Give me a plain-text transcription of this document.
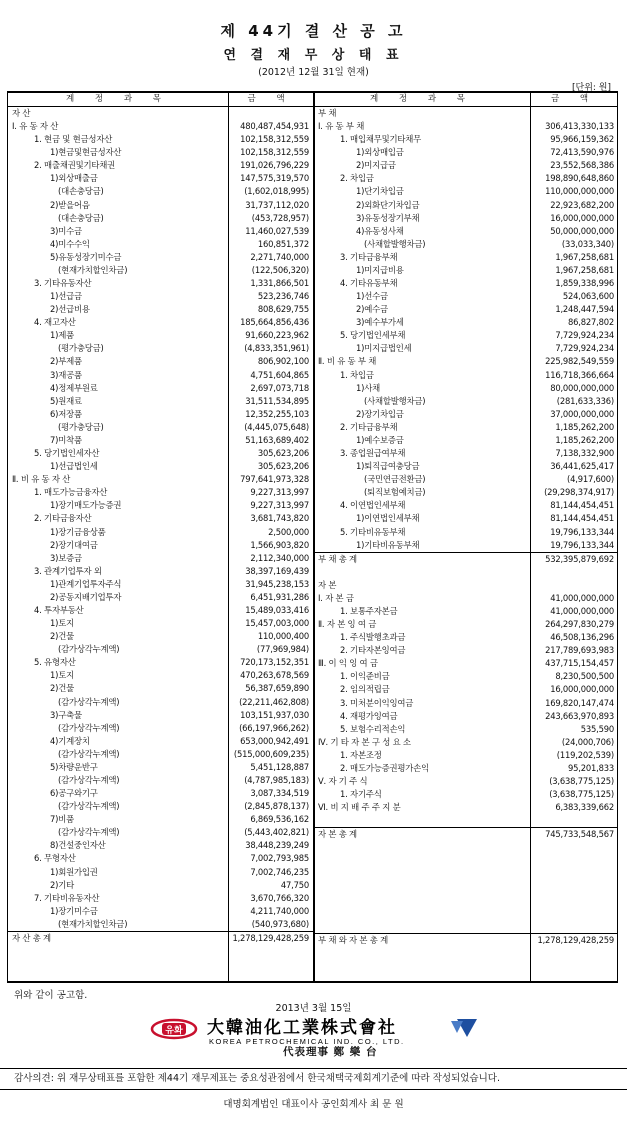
제 44기 결 산 공 고
연 결 재 무 상 태 표
(2012년 12월 31일 현재)
[단위: 원]
계 정 과 목	금 액	계 정 과 목	금 액
자 산
Ⅰ. 유 동 자 산	480,487,454,931
1. 현금 및 현금성자산	102,158,312,559
1)현금및현금성자산	102,158,312,559
2. 매출채권및기타채권	191,026,796,229
1)외상매출금	147,575,319,570
(대손충당금)	(1,602,018,995)
2)받을어음	31,737,112,020
(대손충당금)	(453,728,957)
3)미수금	11,460,027,539
4)미수수익	160,851,372
5)유동성장기미수금	2,271,740,000
(현재가치할인차금)	(122,506,320)
3. 기타유동자산	1,331,866,501
1)선급금	523,236,746
2)선급비용	808,629,755
4. 재고자산	185,664,856,436
1)제품	91,660,223,962
(평가충당금)	(4,833,351,961)
2)부제품	806,902,100
3)재공품	4,751,604,865
4)정제부원료	2,697,073,718
5)원재료	31,511,534,895
6)저장품	12,352,255,103
(평가충당금)	(4,445,075,648)
7)미착품	51,163,689,402
5. 당기법인세자산	305,623,206
1)선급법인세	305,623,206
Ⅱ. 비 유 동 자 산	797,641,973,328
1. 매도가능금융자산	9,227,313,997
1)장기매도가능증권	9,227,313,997
2. 기타금융자산	3,681,743,820
1)장기금융상품	2,500,000
2)장기대여금	1,566,903,820
3)보증금	2,112,340,000
3. 관계기업투자 외	38,397,169,439
1)관계기업투자주식	31,945,238,153
2)공동지배기업투자	6,451,931,286
4. 투자부동산	15,489,033,416
1)토지	15,457,003,000
2)건물	110,000,400
(감가상각누계액)	(77,969,984)
5. 유형자산	720,173,152,351
1)토지	470,263,678,569
2)건물	56,387,659,890
(감가상각누계액)	(22,211,462,808)
3)구축물	103,151,937,030
(감가상각누계액)	(66,197,966,262)
4)기계장치	653,000,942,491
(감가상각누계액)	(515,000,609,235)
5)차량운반구	5,451,128,887
(감가상각누계액)	(4,787,985,183)
6)공구와기구	3,087,334,519
(감가상각누계액)	(2,845,878,137)
7)비품	6,869,536,162
(감가상각누계액)	(5,443,402,821)
8)건설중인자산	38,448,239,249
6. 무형자산	7,002,793,985
1)회원가입권	7,002,746,235
2)기타	47,750
7. 기타비유동자산	3,670,766,320
1)장기미수금	4,211,740,000
(현재가치할인차금)	(540,973,680)
자 산 총 계	1,278,129,428,259
부 채
Ⅰ. 유 동 부 채	306,413,330,133
1. 매입채무및기타채무	95,966,159,362
1)외상매입금	72,413,590,976
2)미지급금	23,552,568,386
2. 차입금	198,890,648,860
1)단기차입금	110,000,000,000
2)외화단기차입금	22,923,682,200
3)유동성장기부채	16,000,000,000
4)유동성사채	50,000,000,000
(사채할발행차금)	(33,033,340)
3. 기타금융부채	1,967,258,681
1)미지급비용	1,967,258,681
4. 기타유동부채	1,859,338,996
1)선수금	524,063,600
2)예수금	1,248,447,594
3)예수부가세	86,827,802
5. 당기법인세부채	7,729,924,234
1)미지급법인세	7,729,924,234
Ⅱ. 비 유 동 부 채	225,982,549,559
1. 차입금	116,718,366,664
1)사채	80,000,000,000
(사채할발행차금)	(281,633,336)
2)장기차입금	37,000,000,000
2. 기타금융부채	1,185,262,200
1)예수보증금	1,185,262,200
3. 종업원급여부채	7,138,332,900
1)퇴직급여충당금	36,441,625,417
(국민연금전환금)	(4,917,600)
(퇴직보험예치금)	(29,298,374,917)
4. 이연법인세부채	81,144,454,451
1)이연법인세부채	81,144,454,451
5. 기타비유동부채	19,796,133,344
1)기타비유동부채	19,796,133,344
부 채 총 계	532,395,879,692
자 본
Ⅰ. 자 본 금	41,000,000,000
1. 보통주자본금	41,000,000,000
Ⅱ. 자 본 잉 여 금	264,297,830,279
1. 주식발행초과금	46,508,136,296
2. 기타자본잉여금	217,789,693,983
Ⅲ. 이 익 잉 여 금	437,715,154,457
1. 이익준비금	8,230,500,500
2. 임의적립금	16,000,000,000
3. 미처분이익잉여금	169,820,147,474
4. 재평가잉여금	243,663,970,893
5. 보험수리적손익	535,590
Ⅳ. 기 타 자 본 구 성 요 소	(24,000,706)
1. 자본조정	(119,202,539)
2. 매도가능증권평가손익	95,201,833
Ⅴ. 자 기 주 식	(3,638,775,125)
1. 자기주식	(3,638,775,125)
Ⅵ. 비 지 배 주 주 지 분	6,383,339,662
자 본 총 계	745,733,548,567
부 채 와 자 본 총 계	1,278,129,428,259
위와 같이 공고함.
2013년 3월 15일
유화 大韓油化工業株式會社
KOREA PETROCHEMICAL IND. CO., LTD.
代表理事 鄭 樂 台
감사의견: 위 재무상태표를 포함한 제44기 재무제표는 중요성관점에서 한국채택국제회계기준에 따라 작성되었습니다.
대명회계법인 대표이사 공인회계사 최 문 원
